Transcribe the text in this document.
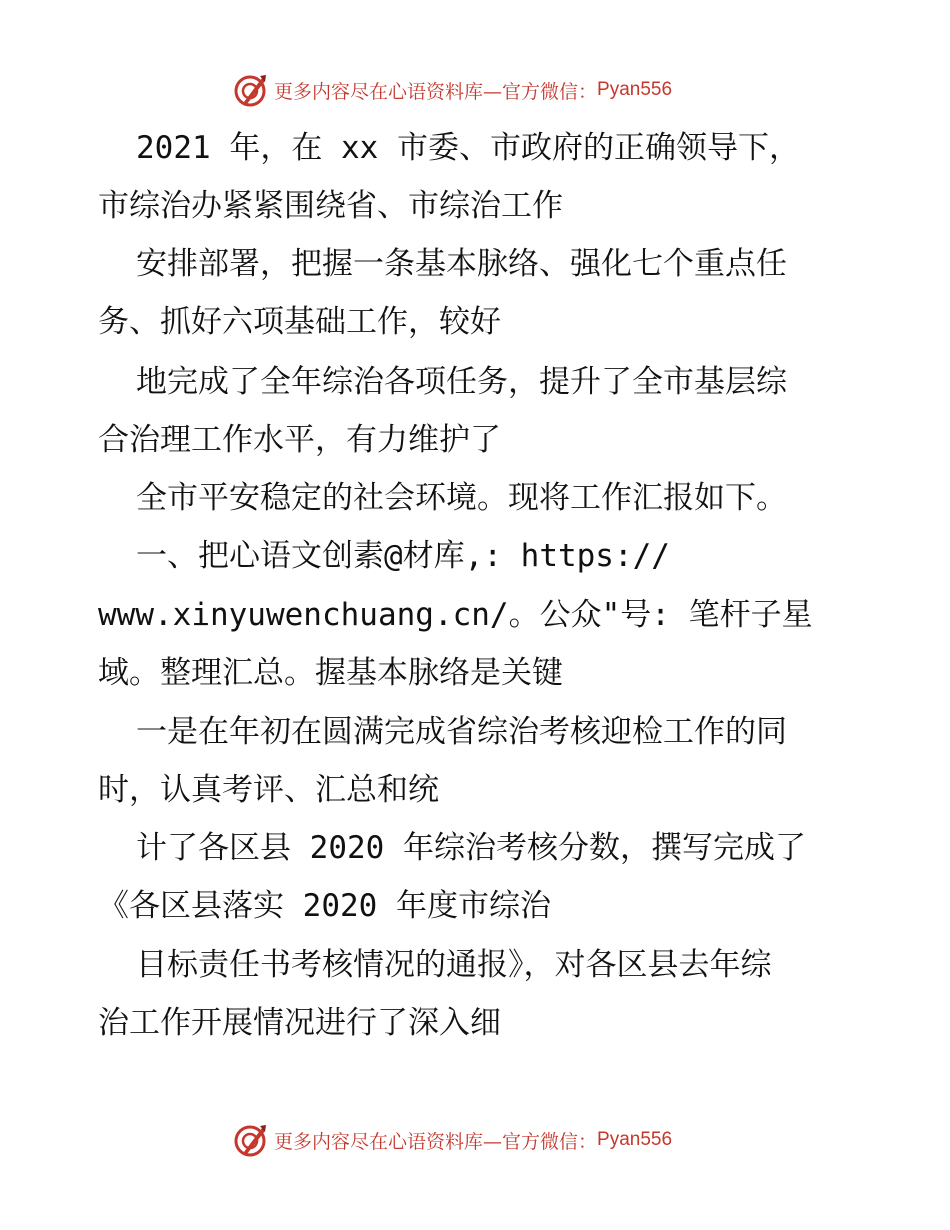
更多内容尽在心语资料库—官方微信： Pyan556
2021 年，在 xx 市委、市政府的正确领导下，
市综治办紧紧围绕省、市综治工作
安排部署，把握一条基本脉络、强化七个重点任
务、抓好六项基础工作，较好
地完成了全年综治各项任务，提升了全市基层综
合治理工作水平，有力维护了
全市平安稳定的社会环境。现将工作汇报如下。
一、把心语文创素@材库,: https://
www.xinyuwenchuang.cn/。公众"号: 笔杆子星
域。整理汇总。握基本脉络是关键
一是在年初在圆满完成省综治考核迎检工作的同
时，认真考评、汇总和统
计了各区县 2020 年综治考核分数，撰写完成了
《各区县落实 2020 年度市综治
目标责任书考核情况的通报》，对各区县去年综
治工作开展情况进行了深入细
更多内容尽在心语资料库—官方微信： Pyan556
